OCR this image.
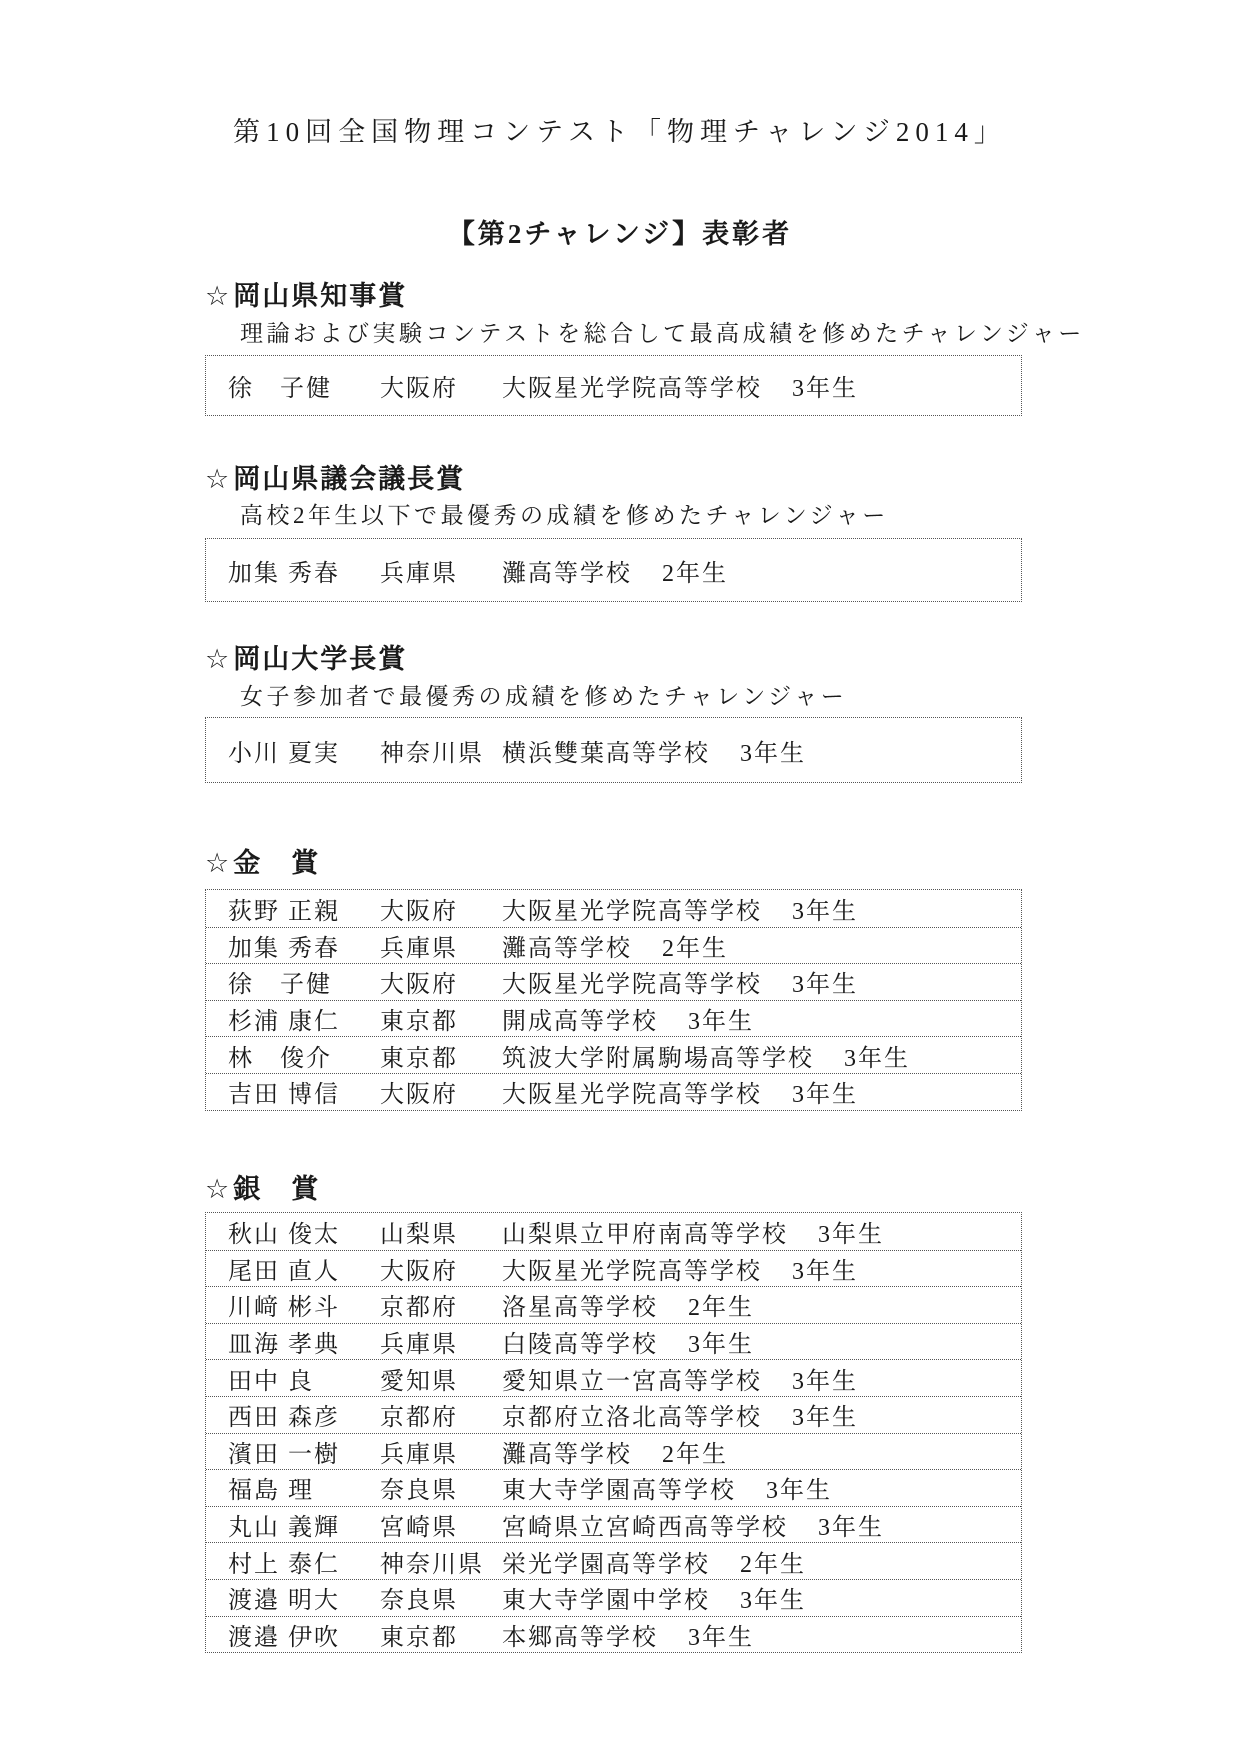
第10回全国物理コンテスト「物理チャレンジ2014」
【第2チャレンジ】表彰者
☆岡山県知事賞
理論および実験コンテストを総合して最高成績を修めたチャレンジャー
徐　子健	大阪府	大阪星光学院高等学校 3年生
☆岡山県議会議長賞
高校2年生以下で最優秀の成績を修めたチャレンジャー
加集 秀春	兵庫県	灘高等学校 2年生
☆岡山大学長賞
女子参加者で最優秀の成績を修めたチャレンジャー
小川 夏実	神奈川県 横浜雙葉高等学校 3年生
☆金　賞
荻野 正親	大阪府	大阪星光学院高等学校 3年生
加集 秀春	兵庫県	灘高等学校 2年生
徐　子健	大阪府	大阪星光学院高等学校 3年生
杉浦 康仁	東京都	開成高等学校 3年生
林　俊介	東京都	筑波大学附属駒場高等学校 3年生
吉田 博信	大阪府	大阪星光学院高等学校 3年生
☆銀　賞
秋山 俊太	山梨県	山梨県立甲府南高等学校 3年生
尾田 直人	大阪府	大阪星光学院高等学校 3年生
川﨑 彬斗	京都府	洛星高等学校 2年生
皿海 孝典	兵庫県	白陵高等学校 3年生
田中 良	愛知県	愛知県立一宮高等学校 3年生
西田 森彦	京都府	京都府立洛北高等学校 3年生
濱田 一樹	兵庫県	灘高等学校 2年生
福島 理	奈良県	東大寺学園高等学校 3年生
丸山 義輝	宮崎県	宮崎県立宮崎西高等学校 3年生
村上 泰仁	神奈川県 栄光学園高等学校 2年生
渡邉 明大	奈良県	東大寺学園中学校 3年生
渡邉 伊吹	東京都	本郷高等学校 3年生
